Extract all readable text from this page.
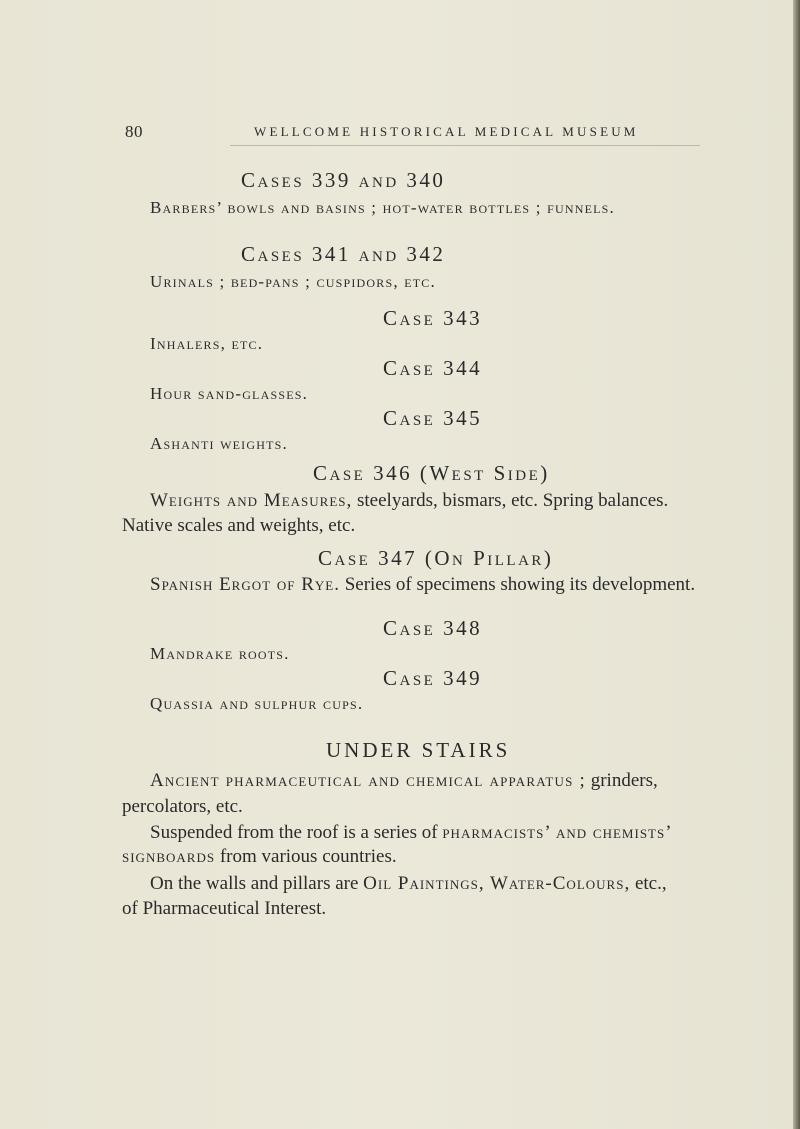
80	WELLCOME HISTORICAL MEDICAL MUSEUM
Cases 339 and 340
Barbers’ bowls and basins ; hot-water bottles ; funnels.
Cases 341 and 342
Urinals ; bed-pans ; cuspidors, etc.
Case 343
Inhalers, etc.
Case 344
Hour sand-glasses.
Case 345
Ashanti weights.
Case 346 (West Side)
Weights and Measures, steelyards, bismars, etc. Spring balances.
Native scales and weights, etc.
Case 347 (On Pillar)
Spanish Ergot of Rye. Series of specimens showing its development.
Case 348
Mandrake roots.
Case 349
Quassia and sulphur cups.
UNDER STAIRS
Ancient pharmaceutical and chemical apparatus ; grinders,
percolators, etc.
Suspended from the roof is a series of pharmacists’ and chemists’
signboards from various countries.
On the walls and pillars are Oil Paintings, Water-Colours, etc.,
of Pharmaceutical Interest.
